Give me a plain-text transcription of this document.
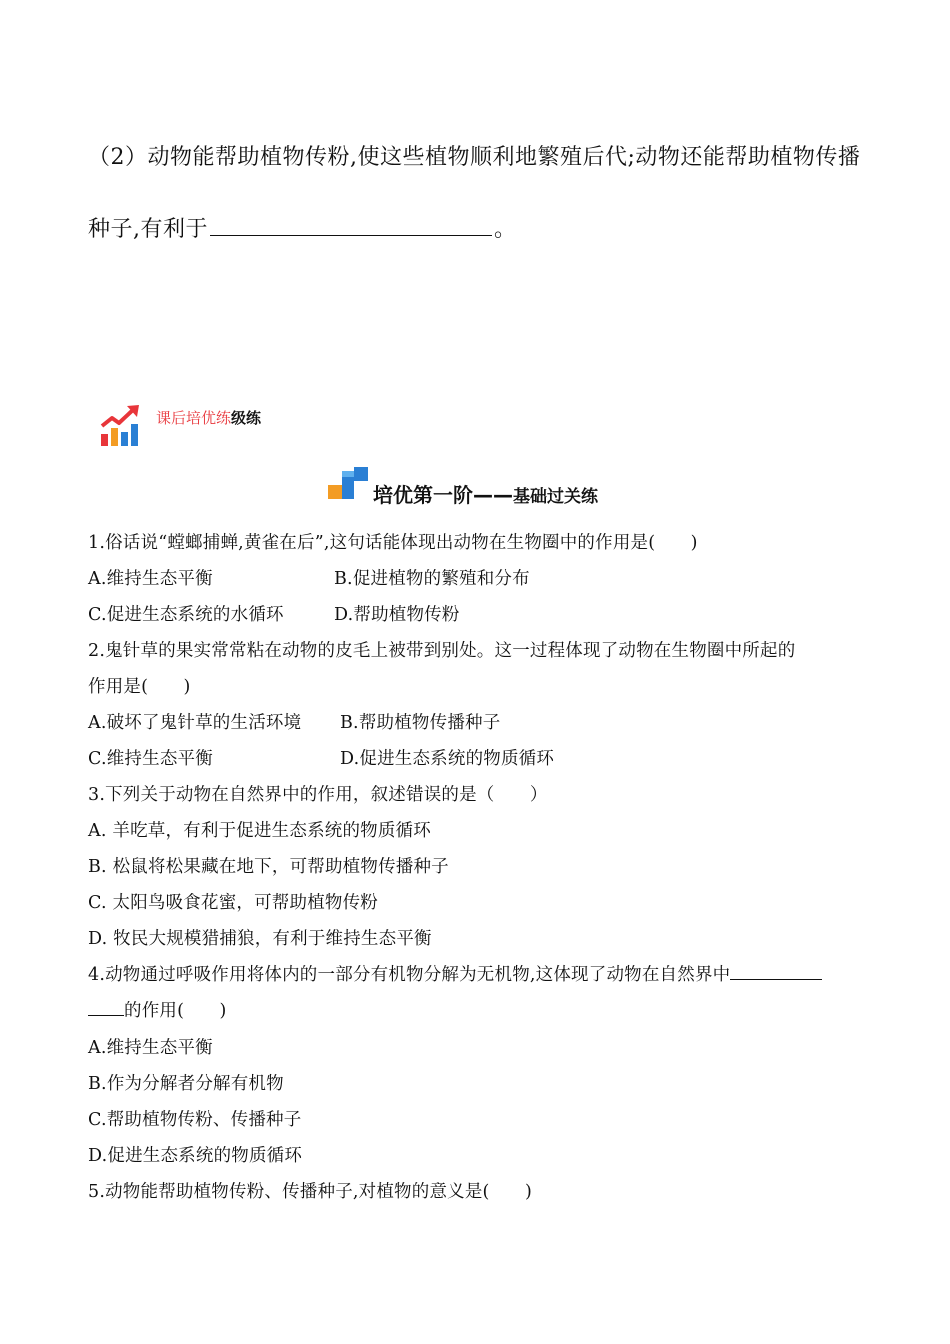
（2）动物能帮助植物传粉,使这些植物顺利地繁殖后代;动物还能帮助植物传播
种子,有利于	。
课后培优练级练
培优第一阶——基础过关练
1.俗话说“螳螂捕蝉,黄雀在后”,这句话能体现出动物在生物圈中的作用是(　　)
A.维持生态平衡	B.促进植物的繁殖和分布
C.促进生态系统的水循环	D.帮助植物传粉
2.鬼针草的果实常常粘在动物的皮毛上被带到别处。这一过程体现了动物在生物圈中所起的
作用是(　　)
A.破坏了鬼针草的生活环境 B.帮助植物传播种子
C.维持生态平衡	D.促进生态系统的物质循环
3.下列关于动物在自然界中的作用，叙述错误的是（　　）
A. 羊吃草，有利于促进生态系统的物质循环
B. 松鼠将松果藏在地下，可帮助植物传播种子
C. 太阳鸟吸食花蜜，可帮助植物传粉
D. 牧民大规模猎捕狼，有利于维持生态平衡
4.动物通过呼吸作用将体内的一部分有机物分解为无机物,这体现了动物在自然界中
的作用(　　)
A.维持生态平衡
B.作为分解者分解有机物
C.帮助植物传粉、传播种子
D.促进生态系统的物质循环
5.动物能帮助植物传粉、传播种子,对植物的意义是(　　)
